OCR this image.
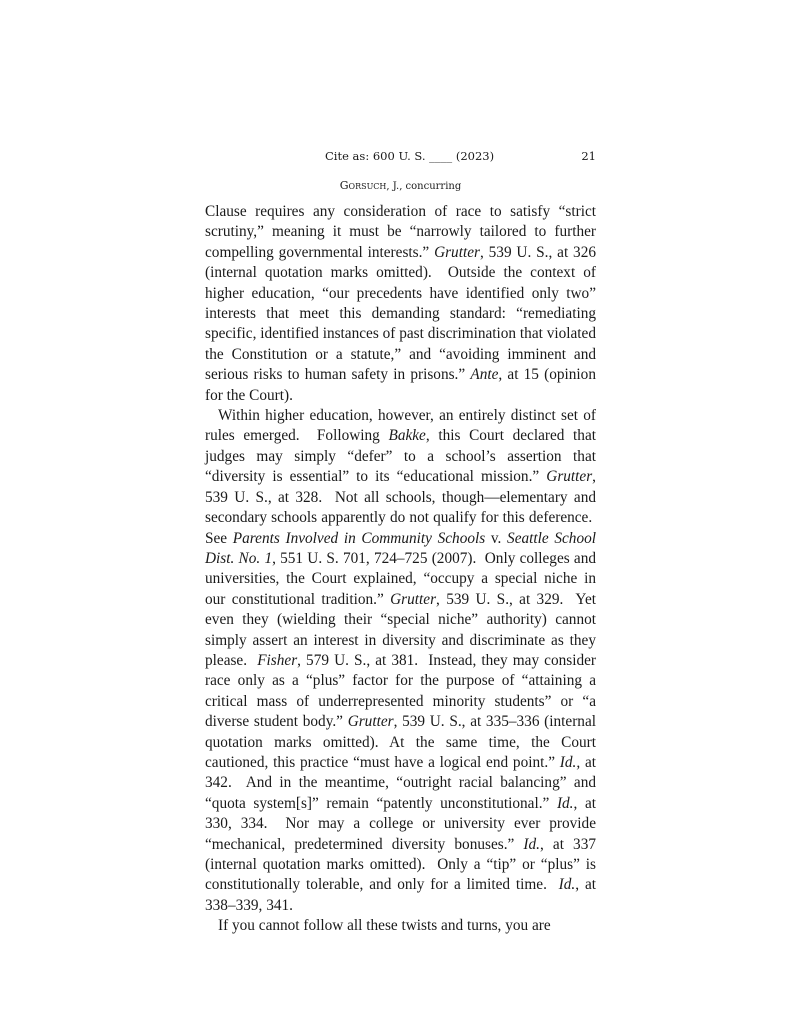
Cite as: 600 U. S. ____ (2023)	21
Gorsuch, J., concurring

Clause requires any consideration of race to satisfy “strict scrutiny,” meaning it must be “narrowly tailored to further compelling governmental interests.” Grutter, 539 U. S., at 326 (internal quotation marks omitted).  Outside the context of higher education, “our precedents have identified only two” interests that meet this demanding standard: “remediating specific, identified instances of past discrimination that violated the Constitution or a statute,” and “avoiding imminent and serious risks to human safety in prisons.” Ante, at 15 (opinion for the Court).

Within higher education, however, an entirely distinct set of rules emerged.  Following Bakke, this Court declared that judges may simply “defer” to a school’s assertion that “diversity is essential” to its “educational mission.” Grutter, 539 U. S., at 328.  Not all schools, though—elementary and secondary schools apparently do not qualify for this deference.  See Parents Involved in Community Schools v. Seattle School Dist. No. 1, 551 U. S. 701, 724–725 (2007).  Only colleges and universities, the Court explained, “occupy a special niche in our constitutional tradition.” Grutter, 539 U. S., at 329.  Yet even they (wielding their “special niche” authority) cannot simply assert an interest in diversity and discriminate as they please.  Fisher, 579 U. S., at 381.  Instead, they may consider race only as a “plus” factor for the purpose of “attaining a critical mass of underrepresented minority students” or “a diverse student body.” Grutter, 539 U. S., at 335–336 (internal quotation marks omitted). At the same time, the Court cautioned, this practice “must have a logical end point.” Id., at 342.  And in the meantime, “outright racial balancing” and “quota system[s]” remain “patently unconstitutional.” Id., at 330, 334.  Nor may a college or university ever provide “mechanical, predetermined diversity bonuses.” Id., at 337 (internal quotation marks omitted).  Only a “tip” or “plus” is constitutionally tolerable, and only for a limited time.  Id., at 338–339, 341.

If you cannot follow all these twists and turns, you are
